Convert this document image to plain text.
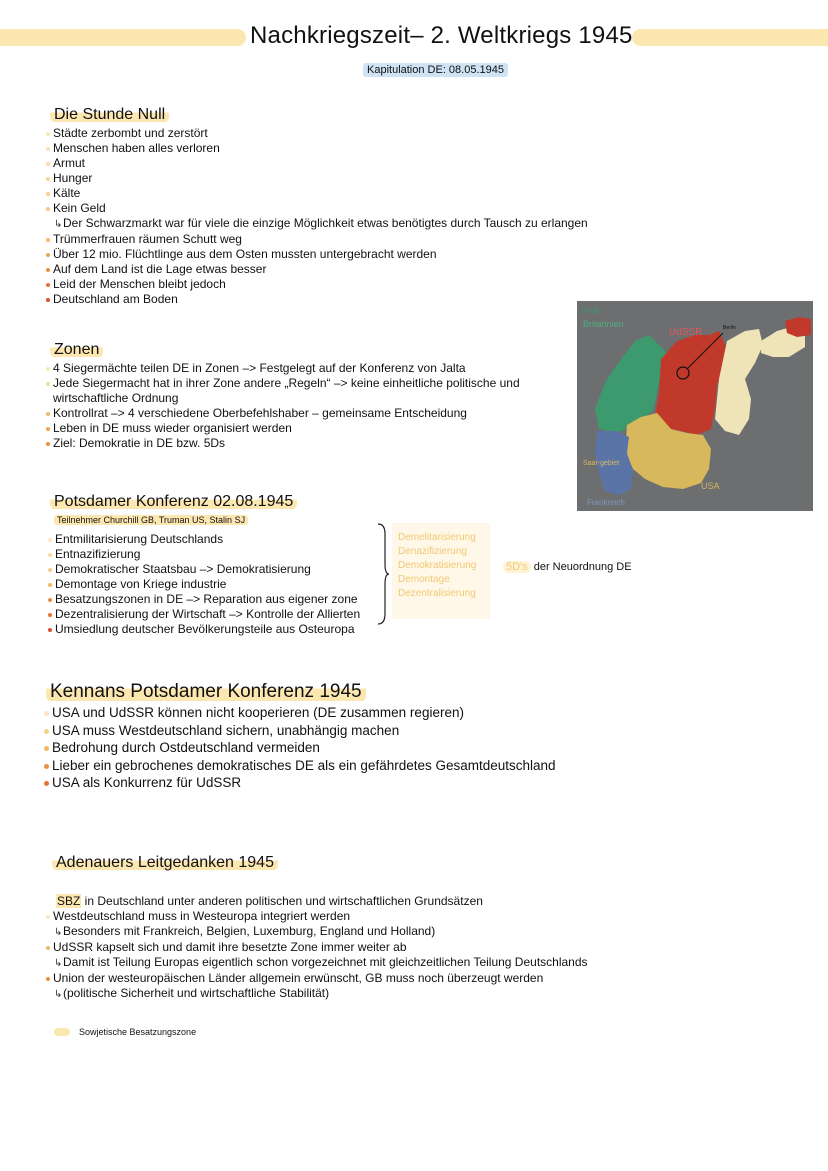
Nachkriegszeit– 2. Weltkriegs 1945
Kapitulation DE: 08.05.1945
Die Stunde Null
Städte zerbombt und zerstört
Menschen haben alles verloren
Armut
Hunger
Kälte
Kein Geld
↳Der Schwarzmarkt war für viele die einzige Möglichkeit etwas benötigtes durch Tausch zu erlangen
Trümmerfrauen räumen Schutt weg
Über 12 mio. Flüchtlinge aus dem Osten mussten untergebracht werden
Auf dem Land ist die Lage etwas besser
Leid der Menschen bleibt jedoch
Deutschland am Boden
Groß-
Britannien
UdSSR	Berlin
Saar-gebiet
USA
Frankreich
Zonen
4 Siegermächte teilen DE in Zonen –> Festgelegt auf der Konferenz von Jalta
Jede Siegermacht hat in ihrer Zone andere „Regeln“ –> keine einheitliche politische und wirtschaftliche Ordnung
Kontrollrat –> 4 verschiedene Oberbefehlshaber – gemeinsame Entscheidung
Leben in DE muss wieder organisiert werden
Ziel: Demokratie in DE bzw. 5Ds
Potsdamer Konferenz 02.08.1945
Teilnehmer Churchill GB, Truman US, Stalin SJ
Entmilitarisierung Deutschlands
Entnazifizierung
Demokratischer Staatsbau –> Demokratisierung
Demontage von Kriege industrie
Besatzungszonen in DE –> Reparation aus eigener zone
Dezentralisierung der Wirtschaft –> Kontrolle der Allierten
Umsiedlung deutscher Bevölkerungsteile aus Osteuropa
Demelitarisierung
Denazifizierung
Demokratisierung
Demontage
Dezentralisierung
5D's der Neuordnung DE
Kennans Potsdamer Konferenz 1945
USA und UdSSR können nicht kooperieren (DE zusammen regieren)
USA muss Westdeutschland sichern, unabhängig machen
Bedrohung durch Ostdeutschland vermeiden
Lieber ein gebrochenes demokratisches DE als ein gefährdetes Gesamtdeutschland
USA als Konkurrenz für UdSSR
Adenauers Leitgedanken 1945
SBZ in Deutschland unter anderen politischen und wirtschaftlichen Grundsätzen
Westdeutschland muss in Westeuropa integriert werden
↳Besonders mit Frankreich, Belgien, Luxemburg, England und Holland)
UdSSR kapselt sich und damit ihre besetzte Zone immer weiter ab
↳Damit ist Teilung Europas eigentlich schon vorgezeichnet mit gleichzeitlichen Teilung Deutschlands
Union der westeuropäischen Länder allgemein erwünscht, GB muss noch überzeugt werden
↳(politische Sicherheit und wirtschaftliche Stabilität)
Sowjetische Besatzungszone
